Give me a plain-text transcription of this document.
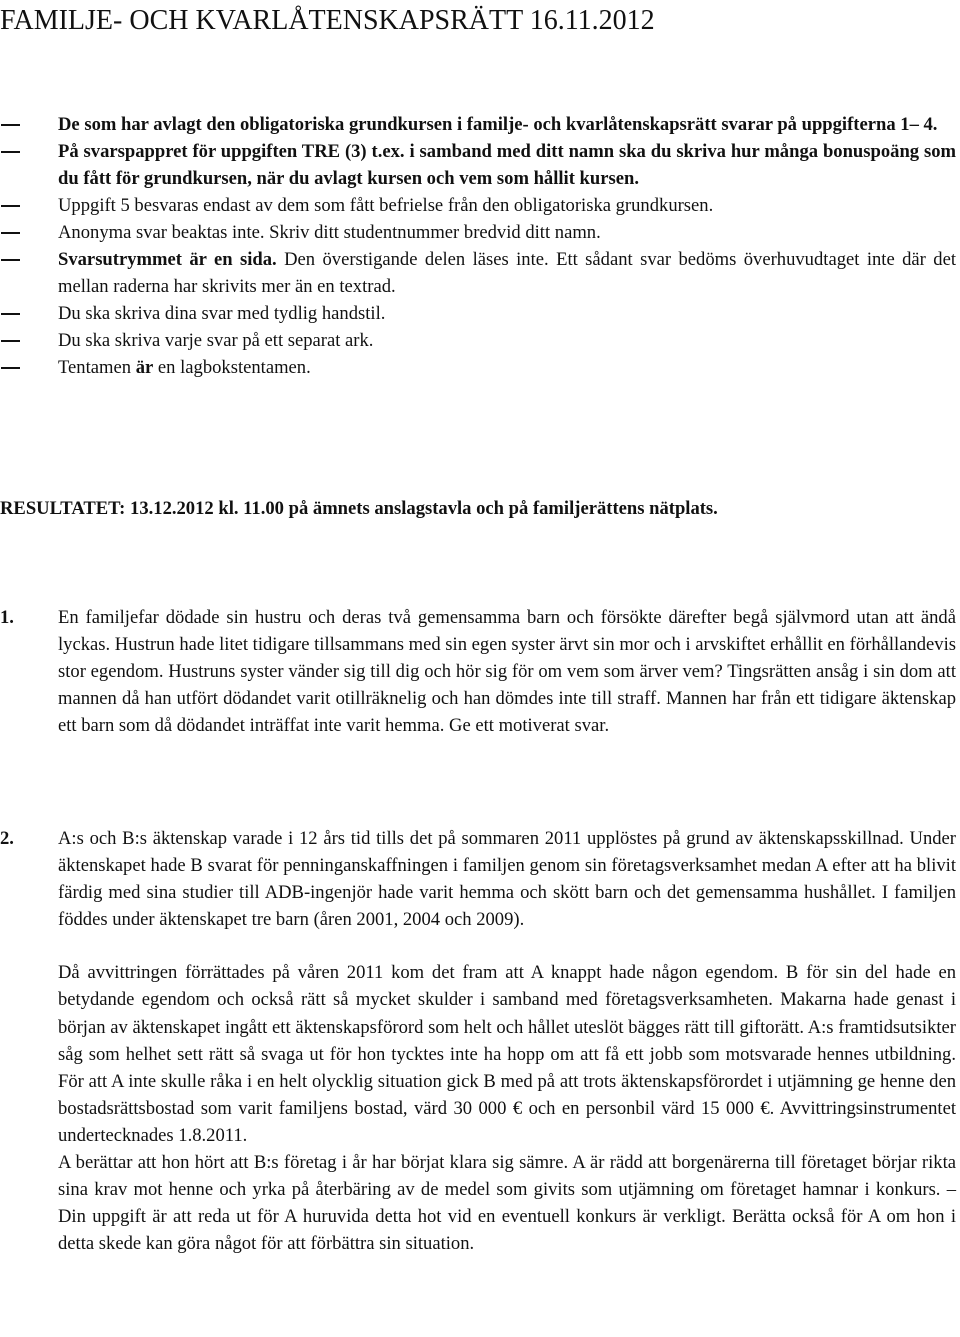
FAMILJE- OCH KVARLÅTENSKAPSRÄTT 16.11.2012
De som har avlagt den obligatoriska grundkursen i familje- och kvarlåtenskapsrätt svarar på uppgifterna 1– 4.
På svarspappret för uppgiften TRE (3) t.ex. i samband med ditt namn ska du skriva hur många bonuspoäng som du fått för grundkursen, när du avlagt kursen och vem som hållit kursen.
Uppgift 5 besvaras endast av dem som fått befrielse från den obligatoriska grundkursen.
Anonyma svar beaktas inte. Skriv ditt studentnummer bredvid ditt namn.
Svarsutrymmet är en sida. Den överstigande delen läses inte. Ett sådant svar bedöms överhuvudtaget inte där det mellan raderna har skrivits mer än en textrad.
Du ska skriva dina svar med tydlig handstil.
Du ska skriva varje svar på ett separat ark.
Tentamen är en lagbokstentamen.

RESULTATET: 13.12.2012 kl. 11.00 på ämnets anslagstavla och på familjerättens nätplats.

1. En familjefar dödade sin hustru och deras två gemensamma barn och försökte därefter begå självmord utan att ändå lyckas. Hustrun hade litet tidigare tillsammans med sin egen syster ärvt sin mor och i arvskiftet erhållit en förhållandevis stor egendom. Hustruns syster vänder sig till dig och hör sig för om vem som ärver vem? Tingsrätten ansåg i sin dom att mannen då han utfört dödandet varit otillräknelig och han dömdes inte till straff. Mannen har från ett tidigare äktenskap ett barn som då dödandet inträffat inte varit hemma. Ge ett motiverat svar.

2. A:s och B:s äktenskap varade i 12 års tid tills det på sommaren 2011 upplöstes på grund av äktenskapsskillnad. Under äktenskapet hade B svarat för penninganskaffningen i familjen genom sin företagsverksamhet medan A efter att ha blivit färdig med sina studier till ADB-ingenjör hade varit hemma och skött barn och det gemensamma hushållet. I familjen föddes under äktenskapet tre barn (åren 2001, 2004 och 2009).

Då avvittringen förrättades på våren 2011 kom det fram att A knappt hade någon egendom. B för sin del hade en betydande egendom och också rätt så mycket skulder i samband med företagsverksamheten. Makarna hade genast i början av äktenskapet ingått ett äktenskapsförord som helt och hållet uteslöt bägges rätt till giftorätt. A:s framtidsutsikter såg som helhet sett rätt så svaga ut för hon tycktes inte ha hopp om att få ett jobb som motsvarade hennes utbildning. För att A inte skulle råka i en helt olycklig situation gick B med på att trots äktenskapsförordet i utjämning ge henne den bostadsrättsbostad som varit familjens bostad, värd 30 000 € och en personbil värd 15 000 €. Avvittringsinstrumentet undertecknades 1.8.2011.

A berättar att hon hört att B:s företag i år har börjat klara sig sämre. A är rädd att borgenärerna till företaget börjar rikta sina krav mot henne och yrka på återbäring av de medel som givits som utjämning om företaget hamnar i konkurs. – Din uppgift är att reda ut för A huruvida detta hot vid en eventuell konkurs är verkligt. Berätta också för A om hon i detta skede kan göra något för att förbättra sin situation.
